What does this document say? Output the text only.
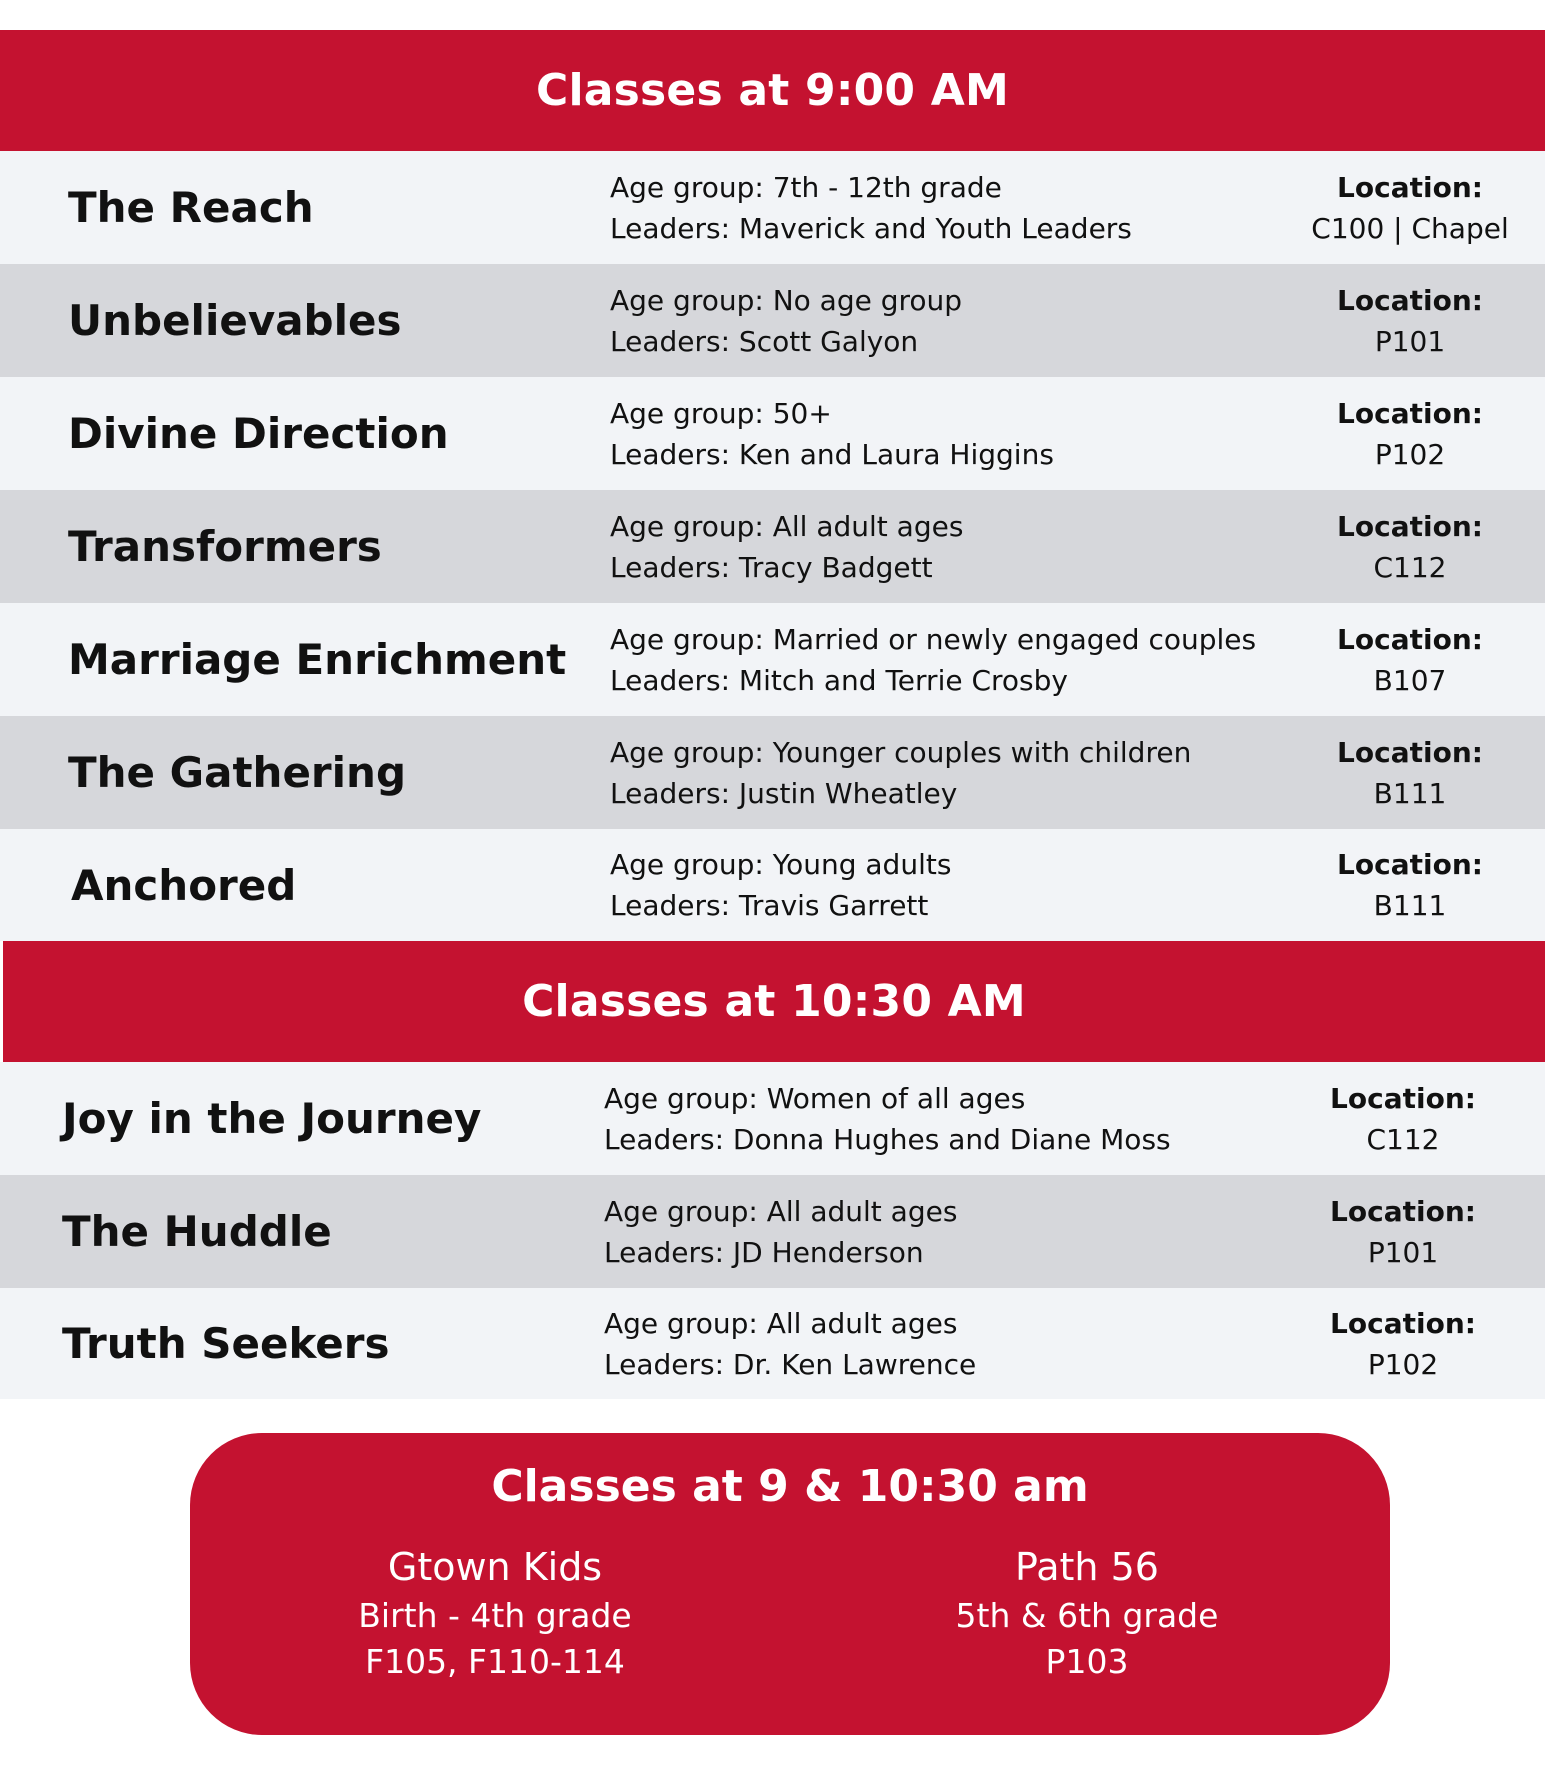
Classes at 9:00 AM
The Reach	Age group: 7th - 12th grade
Leaders: Maverick and Youth Leaders
Location:
C100 | Chapel
Unbelievables	Age group: No age group
Leaders: Scott Galyon
Location:
P101
Divine Direction	Age group: 50+
Leaders: Ken and Laura Higgins
Location:
P102
Transformers	Age group: All adult ages
Leaders: Tracy Badgett
Location:
C112
Marriage Enrichment Age group: Married or newly engaged couples
Leaders: Mitch and Terrie Crosby
Location:
B107
The Gathering	Age group: Younger couples with children
Leaders: Justin Wheatley
Location:
B111
Anchored	Age group: Young adults
Leaders: Travis Garrett
Location:
B111
Classes at 10:30 AM
Joy in the Journey	Age group: Women of all ages
Leaders: Donna Hughes and Diane Moss
Location:
C112
The Huddle	Age group: All adult ages
Leaders: JD Henderson
Location:
P101
Truth Seekers	Age group: All adult ages
Leaders: Dr. Ken Lawrence
Location:
P102
Classes at 9 & 10:30 am
Gtown Kids
Birth - 4th grade
F105, F110-114
Path 56
5th & 6th grade
P103
